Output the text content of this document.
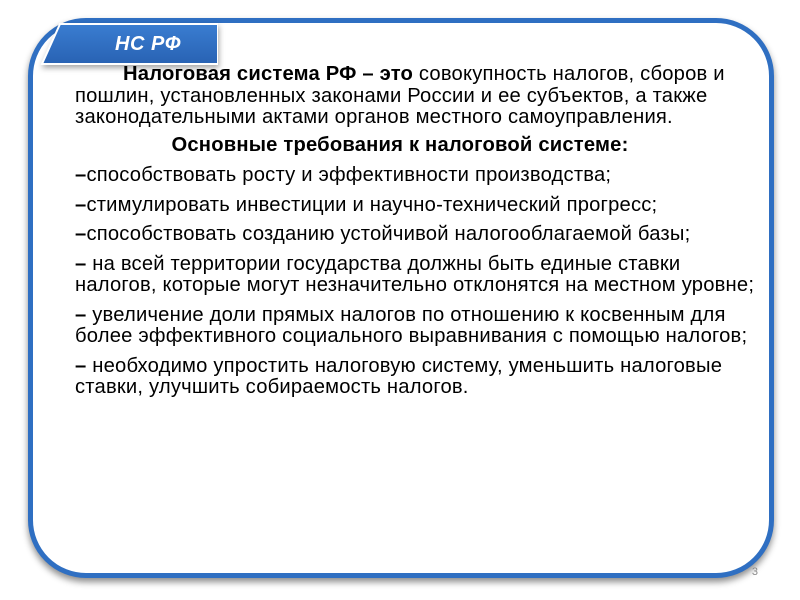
НС РФ

Налоговая система РФ – это совокупность налогов, сборов и пошлин, установленных законами России и ее субъектов, а также законодательными актами органов местного самоуправления.

Основные требования к налоговой системе:

–способствовать росту и эффективности производства;

–стимулировать инвестиции и научно-технический прогресс;

–способствовать созданию устойчивой налогооблагаемой базы;

– на всей территории государства должны быть единые ставки налогов, которые могут незначительно отклонятся на местном уровне;

– увеличение доли прямых налогов по отношению к косвенным для более эффективного социального выравнивания с помощью налогов;

– необходимо упростить налоговую систему, уменьшить налоговые ставки, улучшить собираемость налогов.

3
